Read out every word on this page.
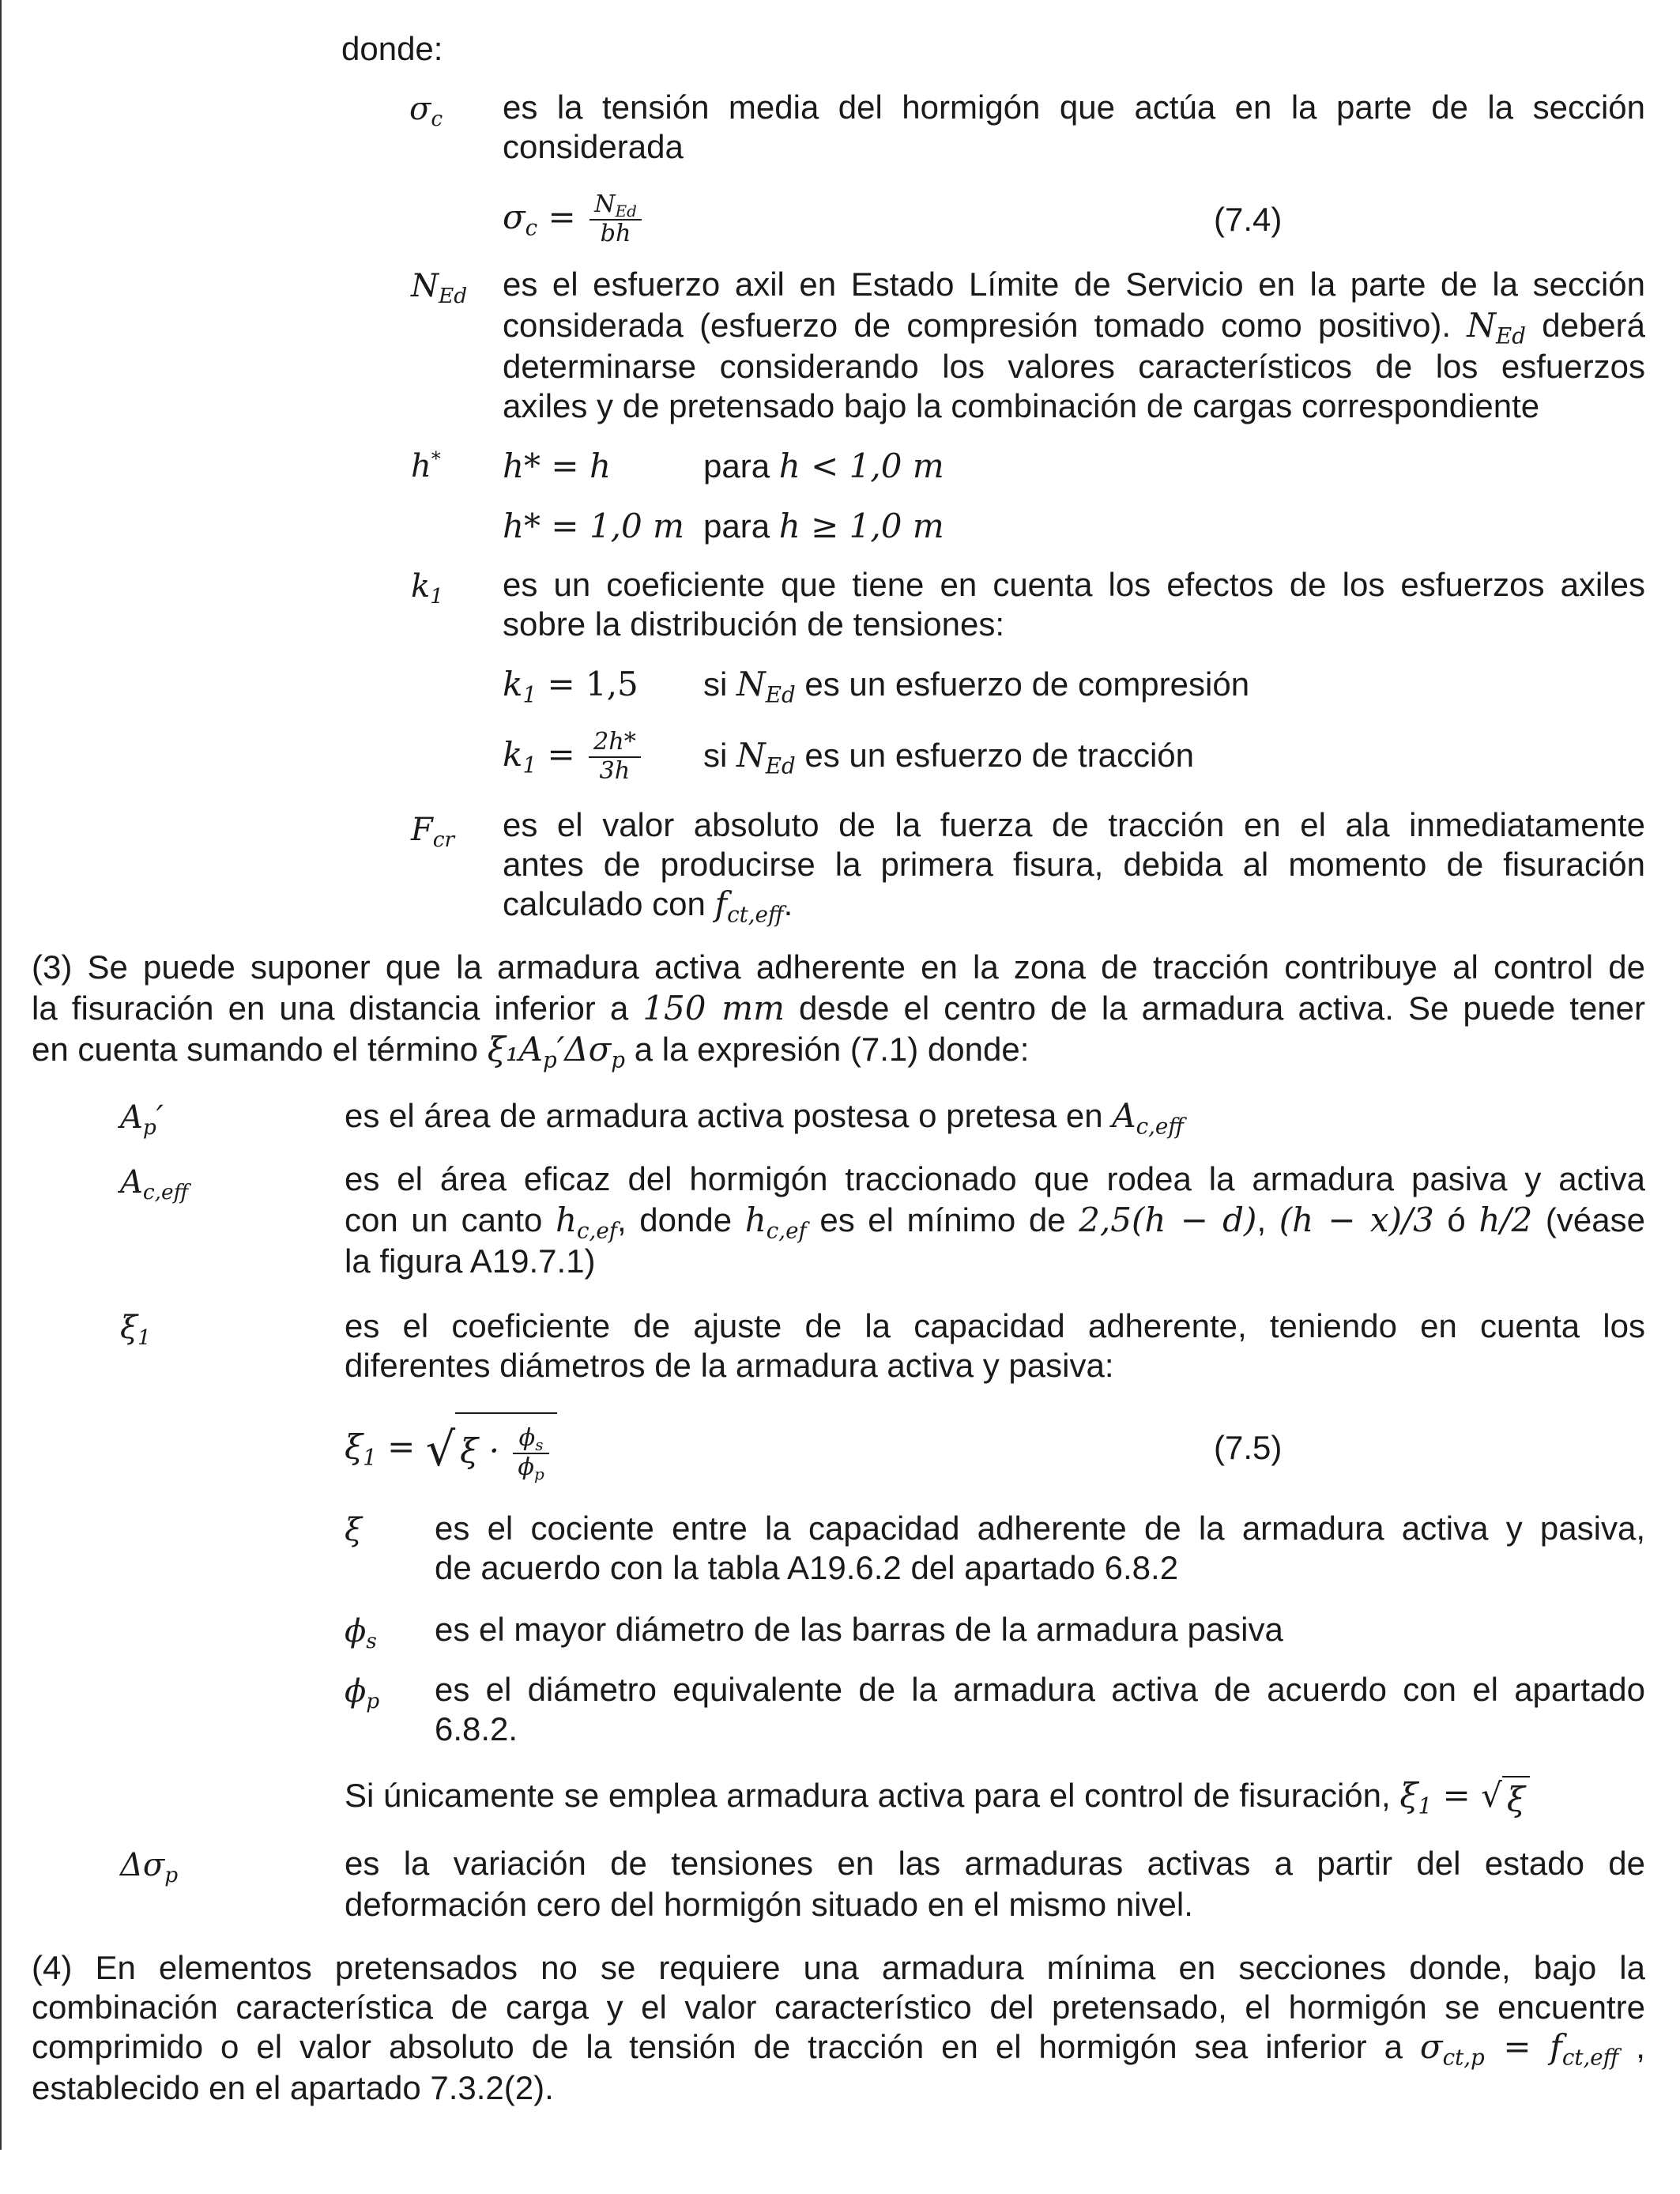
donde:
$\sigma_c$ es la tensión media del hormigón que actúa en la parte de la sección
considerada
$\sigma_c = \frac{N_{Ed}}{bh}$	(7.4)
$N_{Ed}$ es el esfuerzo axil en Estado Límite de Servicio en la parte de la sección
considerada (esfuerzo de compresión tomado como positivo). $N_{Ed}$ deberá
determinarse considerando los valores característicos de los esfuerzos
axiles y de pretensado bajo la combinación de cargas correspondiente
h* h* = h	para h < 1,0 m
h* = 1,0 m para h ≥ 1,0 m
$k_1$ es un coeficiente que tiene en cuenta los efectos de los esfuerzos axiles
sobre la distribución de tensiones:
$k_1 = 1,5$ si $N_{Ed}$ es un esfuerzo de compresión
$k_1 = \frac{2h*}{3h}$ si $N_{Ed}$ es un esfuerzo de tracción
$F_{cr}$ es el valor absoluto de la fuerza de tracción en el ala inmediatamente
antes de producirse la primera fisura, debida al momento de fisuración
calculado con $f_{ct,eff}$.
(3) Se puede suponer que la armadura activa adherente en la zona de tracción contribuye al control de
la fisuración en una distancia inferior a 150 mm desde el centro de la armadura activa. Se puede tener
en cuenta sumando el término $\xi_1A_p'\Delta\sigma_p$ a la expresión (7.1) donde:
$A_p'$	es el área de armadura activa postesa o pretesa en $A_{c,eff}$
$A_{c,eff}$	es el área eficaz del hormigón traccionado que rodea la armadura pasiva y activa
con un canto $h_{c,ef}$, donde $h_{c,ef}$ es el mínimo de 2,5(h − d), (h − x)/3 ó h/2 (véase
la figura A19.7.1)
$\xi_1$	es el coeficiente de ajuste de la capacidad adherente, teniendo en cuenta los
diferentes diámetros de la armadura activa y pasiva:
$\xi_1$ = √ $\xi \cdot \frac{\phi_s}{\phi_p}$	(7.5)
ξ es el cociente entre la capacidad adherente de la armadura activa y pasiva,
de acuerdo con la tabla A19.6.2 del apartado 6.8.2
$\phi_s$ es el mayor diámetro de las barras de la armadura pasiva
$\phi_p$ es el diámetro equivalente de la armadura activa de acuerdo con el apartado
6.8.2.
Si únicamente se emplea armadura activa para el control de fisuración, $\xi_1$ = √ ξ
$\Delta\sigma_p$	es la variación de tensiones en las armaduras activas a partir del estado de
deformación cero del hormigón situado en el mismo nivel.
(4) En elementos pretensados no se requiere una armadura mínima en secciones donde, bajo la
combinación característica de carga y el valor característico del pretensado, el hormigón se encuentre
comprimido o el valor absoluto de la tensión de tracción en el hormigón sea inferior a $\sigma_{ct,p} = f_{ct,eff}$ ,
establecido en el apartado 7.3.2(2).
